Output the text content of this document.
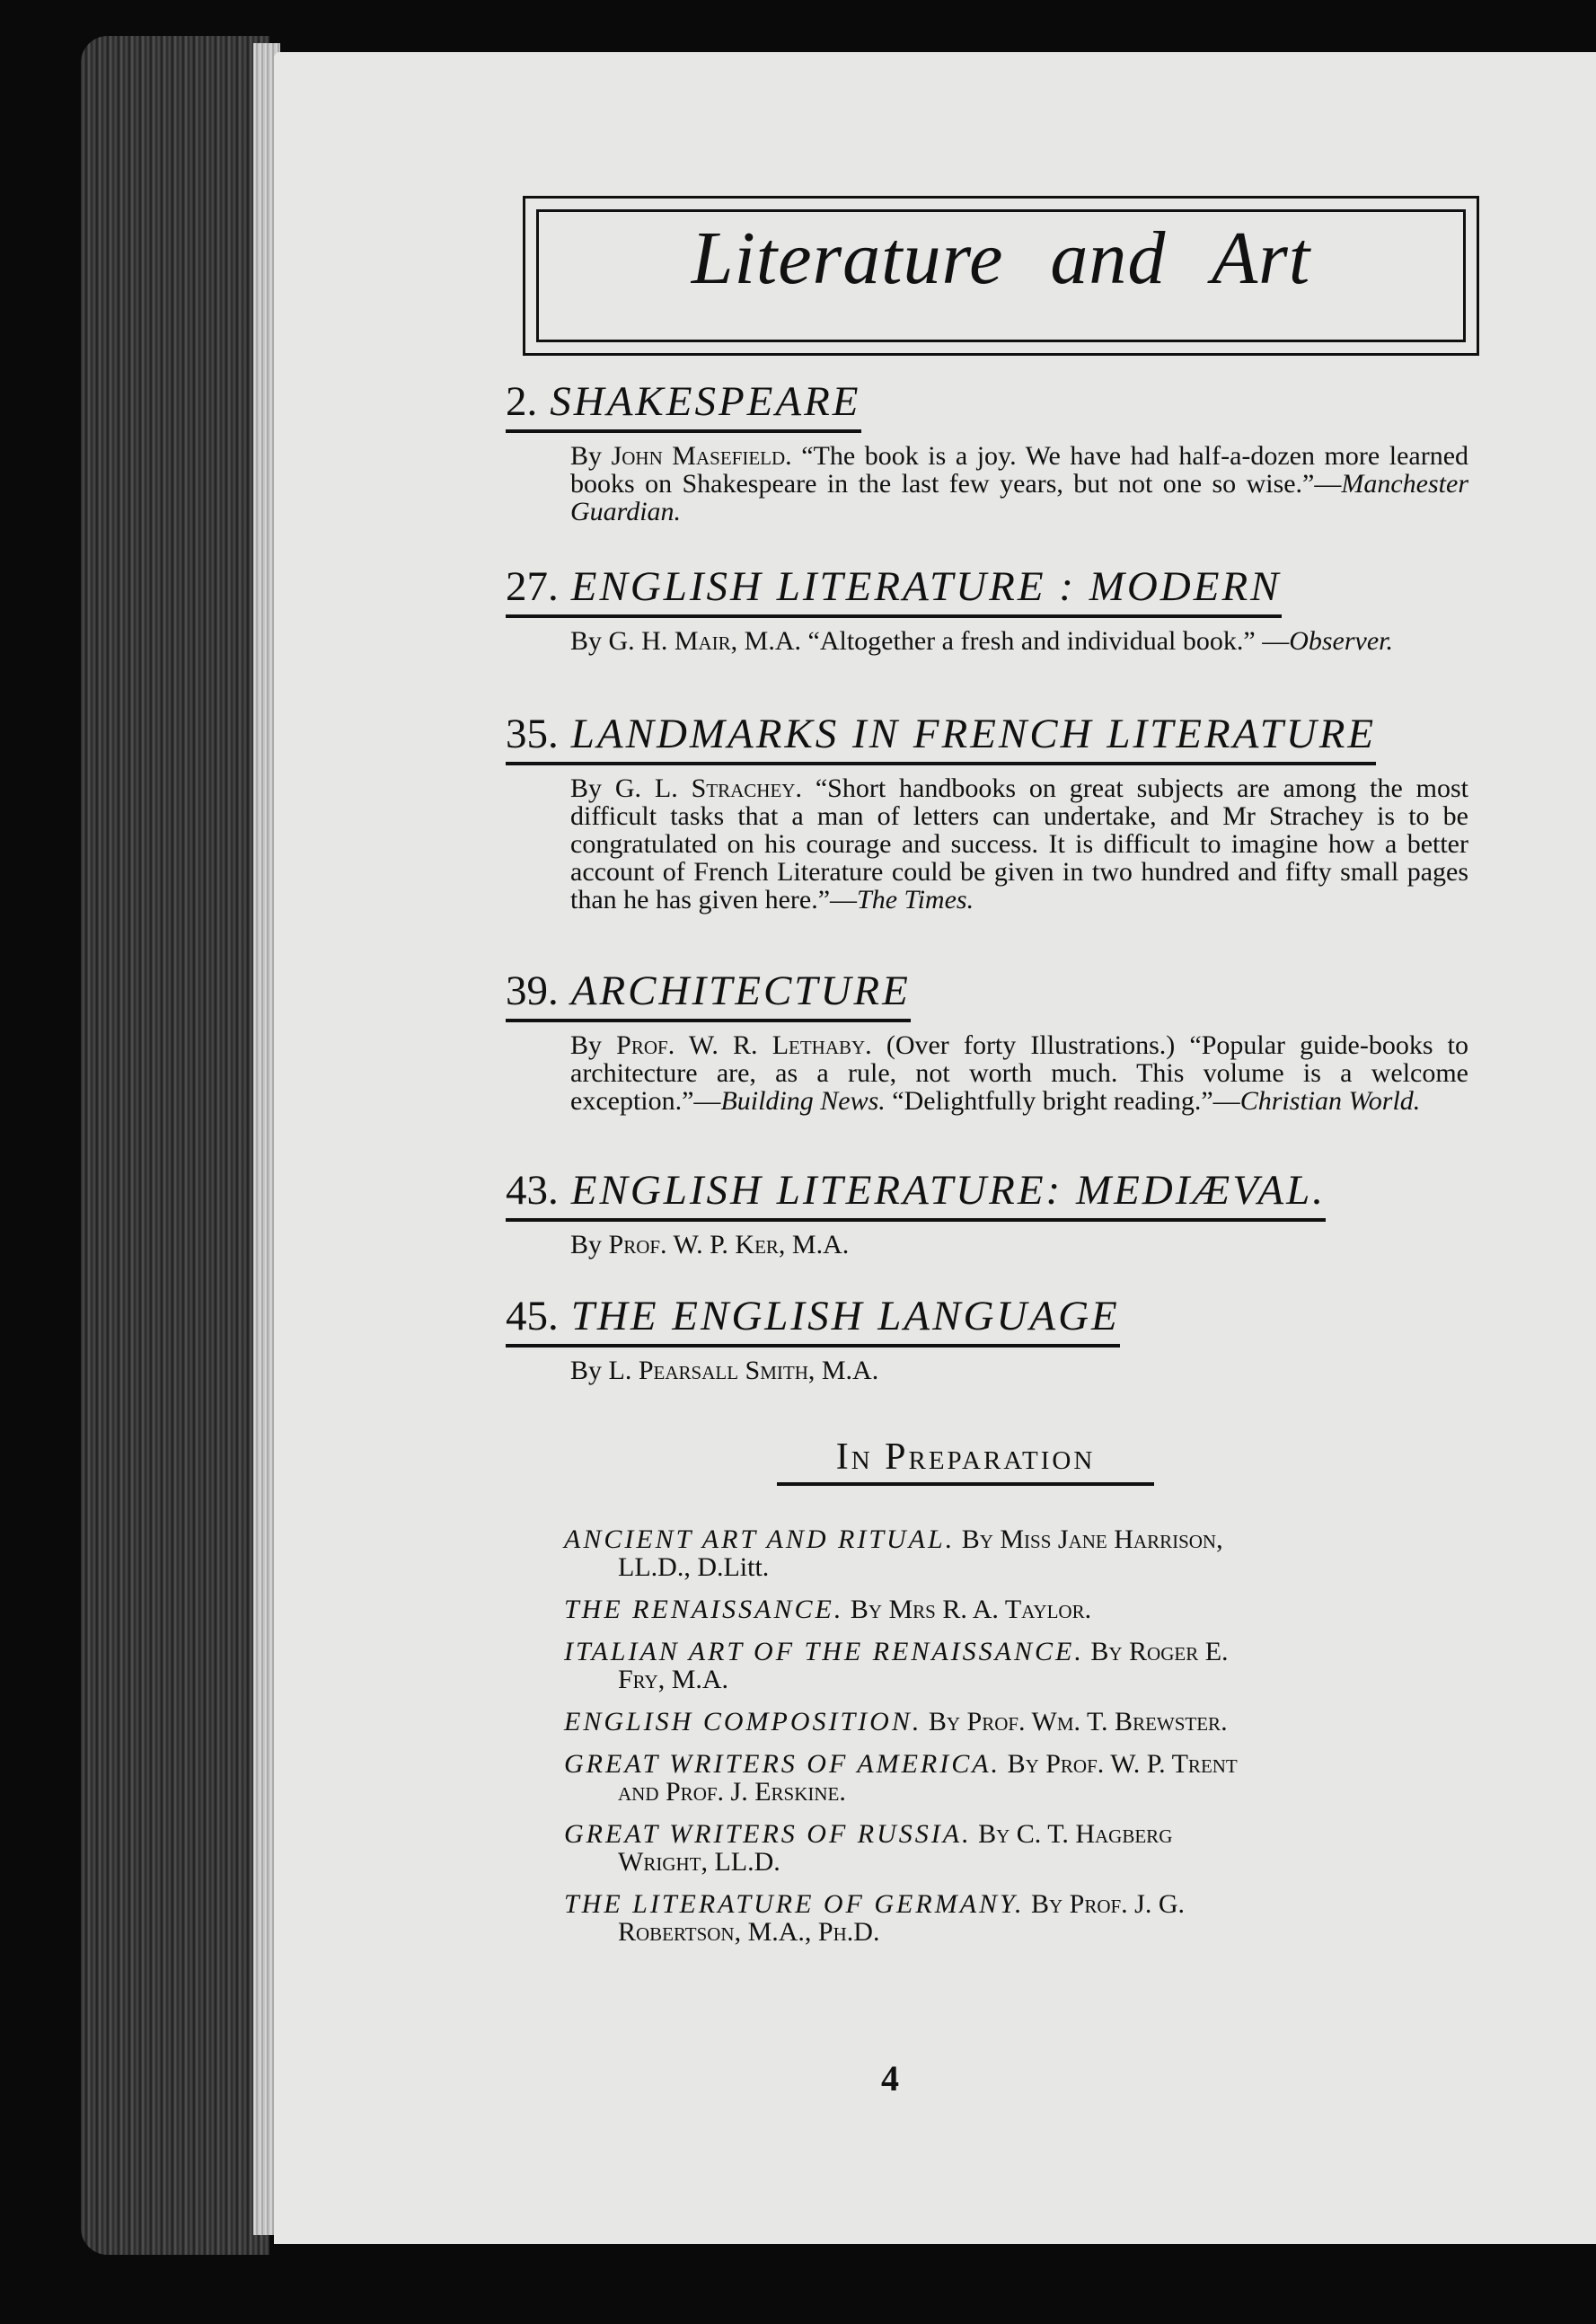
Literature and Art
2. SHAKESPEARE
By John Masefield. “The book is a joy. We have had half-a-dozen more learned books on Shakespeare in the last few years, but not one so wise.”—Manchester Guardian.
27. ENGLISH LITERATURE : MODERN
By G. H. Mair, M.A. “Altogether a fresh and individual book.” —Observer.
35. LANDMARKS IN FRENCH LITERATURE
By G. L. Strachey. “Short handbooks on great subjects are among the most difficult tasks that a man of letters can undertake, and Mr Strachey is to be congratulated on his courage and success. It is difficult to imagine how a better account of French Literature could be given in two hundred and fifty small pages than he has given here.”—The Times.
39. ARCHITECTURE
By Prof. W. R. Lethaby. (Over forty Illustrations.) “Popular guide-books to architecture are, as a rule, not worth much. This volume is a welcome exception.”—Building News. “Delightfully bright reading.”—Christian World.
43. ENGLISH LITERATURE: MEDIÆVAL.
By Prof. W. P. Ker, M.A.
45. THE ENGLISH LANGUAGE
By L. Pearsall Smith, M.A.
In Preparation
ANCIENT ART AND RITUAL. By Miss Jane Harrison,
LL.D., D.Litt.
THE RENAISSANCE. By Mrs R. A. Taylor.
ITALIAN ART OF THE RENAISSANCE. By Roger E.
Fry, M.A.
ENGLISH COMPOSITION. By Prof. Wm. T. Brewster.
GREAT WRITERS OF AMERICA. By Prof. W. P. Trent
and Prof. J. Erskine.
GREAT WRITERS OF RUSSIA. By C. T. Hagberg
Wright, LL.D.
THE LITERATURE OF GERMANY. By Prof. J. G.
Robertson, M.A., Ph.D.
4
